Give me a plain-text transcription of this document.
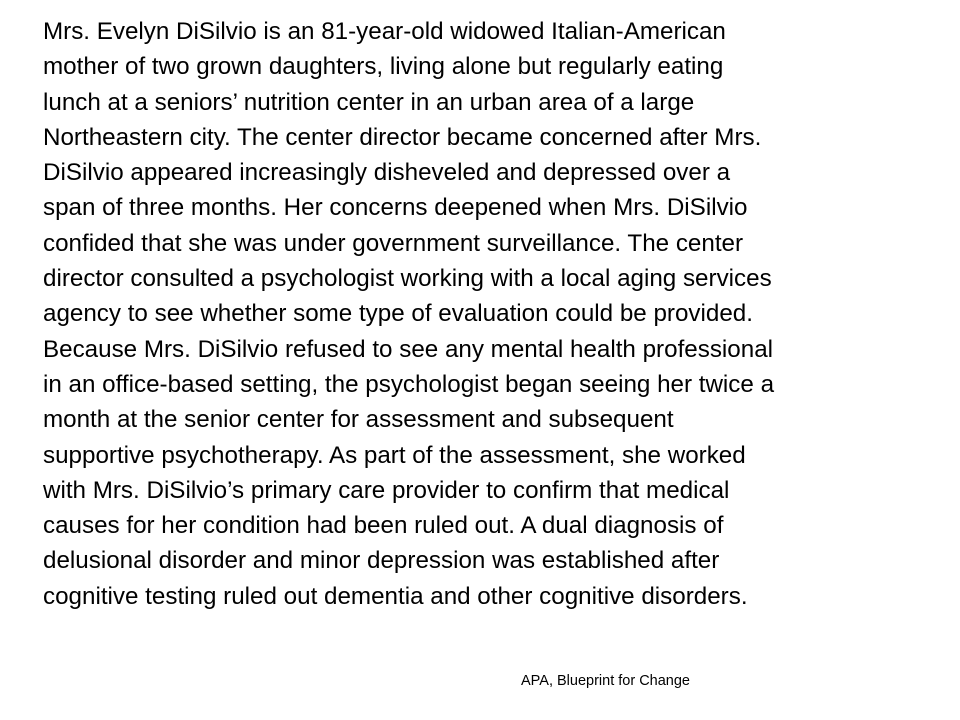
Mrs. Evelyn DiSilvio is an 81-year-old widowed Italian-American
mother of two grown daughters, living alone but regularly eating
lunch at a seniors’ nutrition center in an urban area of a large
Northeastern city. The center director became concerned after Mrs.
DiSilvio appeared increasingly disheveled and depressed over a
span of three months. Her concerns deepened when Mrs. DiSilvio
confided that she was under government surveillance. The center
director consulted a psychologist working with a local aging services
agency to see whether some type of evaluation could be provided.
Because Mrs. DiSilvio refused to see any mental health professional
in an office-based setting, the psychologist began seeing her twice a
month at the senior center for assessment and subsequent
supportive psychotherapy. As part of the assessment, she worked
with Mrs. DiSilvio’s primary care provider to confirm that medical
causes for her condition had been ruled out. A dual diagnosis of
delusional disorder and minor depression was established after
cognitive testing ruled out dementia and other cognitive disorders.
APA, Blueprint for Change
